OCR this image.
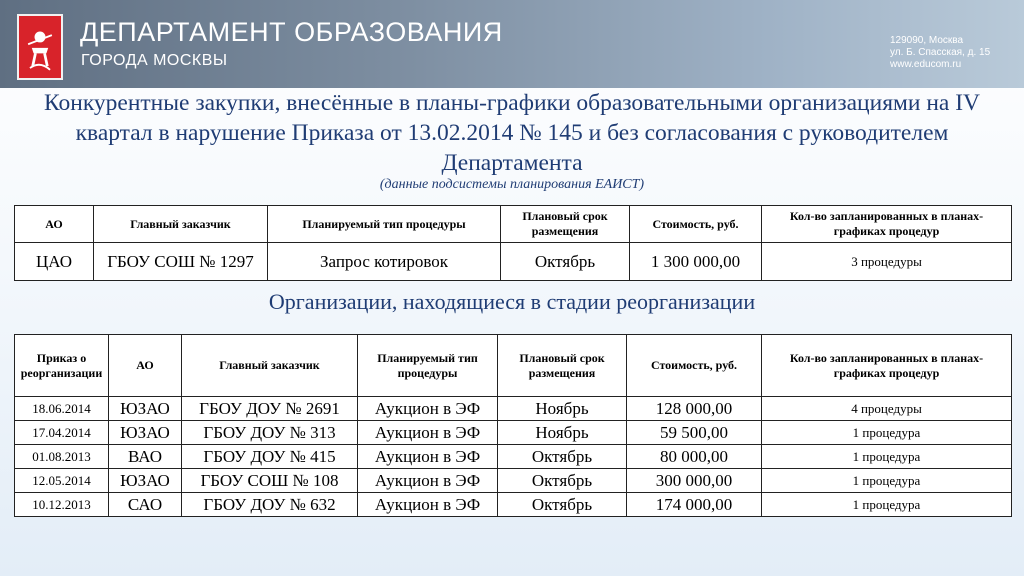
ДЕПАРТАМЕНТ ОБРАЗОВАНИЯ
ГОРОДА МОСКВЫ
129090, Москва
ул. Б. Спасская, д. 15
www.educom.ru
Конкурентные закупки, внесённые в планы-графики образовательными организациями на IV квартал в нарушение Приказа от 13.02.2014 № 145 и без согласования с руководителем Департамента
(данные подсистемы планирования ЕАИСТ)
АО	Главный заказчик	Планируемый тип процедуры	Плановый срок размещения	Стоимость, руб.	Кол-во запланированных в планах-графиках процедур
ЦАО	ГБОУ СОШ № 1297	Запрос котировок	Октябрь	1 300 000,00	3 процедуры
Организации, находящиеся в стадии реорганизации
Приказ о реорганизации	АО	Главный заказчик	Планируемый тип процедуры	Плановый срок размещения	Стоимость, руб.	Кол-во запланированных в планах-графиках процедур
18.06.2014	ЮЗАО	ГБОУ ДОУ № 2691	Аукцион в ЭФ	Ноябрь	128 000,00	4 процедуры
17.04.2014	ЮЗАО	ГБОУ ДОУ № 313	Аукцион в ЭФ	Ноябрь	59 500,00	1 процедура
01.08.2013	ВАО	ГБОУ ДОУ № 415	Аукцион в ЭФ	Октябрь	80 000,00	1 процедура
12.05.2014	ЮЗАО	ГБОУ СОШ № 108	Аукцион в ЭФ	Октябрь	300 000,00	1 процедура
10.12.2013	САО	ГБОУ ДОУ № 632	Аукцион в ЭФ	Октябрь	174 000,00	1 процедура
